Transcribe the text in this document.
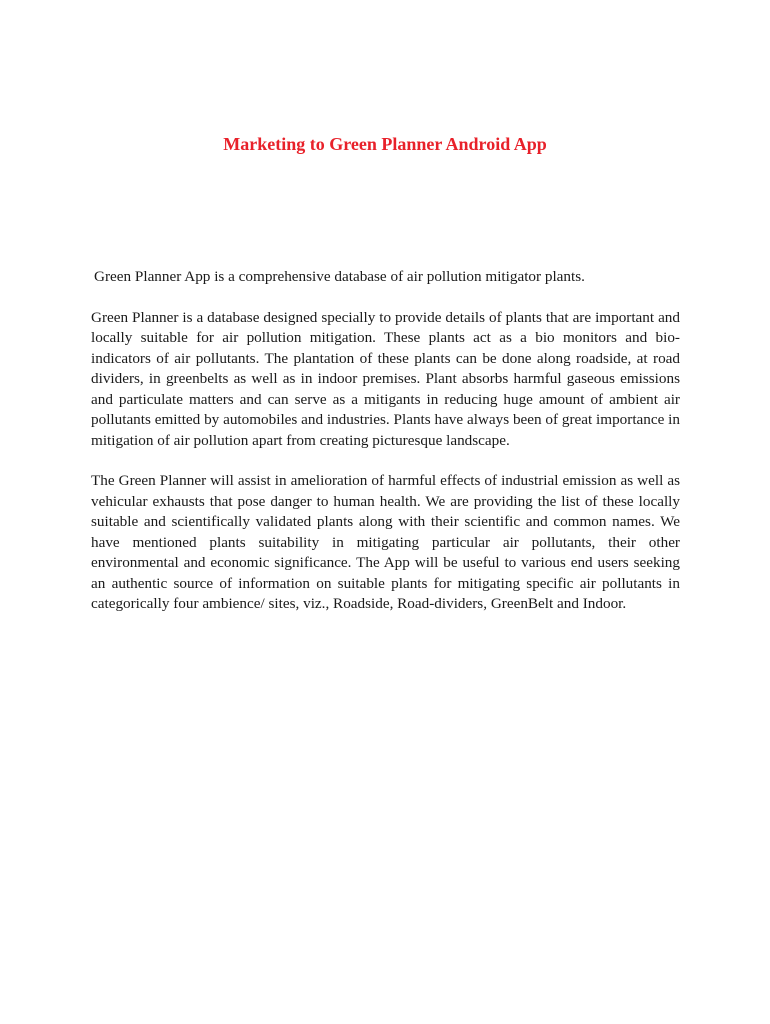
Marketing to Green Planner Android App

Green Planner App is a comprehensive database of air pollution mitigator plants.

Green Planner is a database designed specially to provide details of plants that are important and locally suitable for air pollution mitigation. These plants act as a bio monitors and bio- indicators of air pollutants. The plantation of these plants can be done along roadside, at road dividers, in greenbelts as well as in indoor premises. Plant absorbs harmful gaseous emissions and particulate matters and can serve as a mitigants in reducing huge amount of ambient air pollutants emitted by automobiles and industries. Plants have always been of great importance in mitigation of air pollution apart from creating picturesque landscape.

The Green Planner will assist in amelioration of harmful effects of industrial emission as well as vehicular exhausts that pose danger to human health. We are providing the list of these locally suitable and scientifically validated plants along with their scientific and common names. We have mentioned plants suitability in mitigating particular air pollutants, their other environmental and economic significance. The App will be useful to various end users seeking an authentic source of information on suitable plants for mitigating specific air pollutants in categorically four ambience/ sites, viz., Roadside, Road-dividers, GreenBelt and Indoor.
